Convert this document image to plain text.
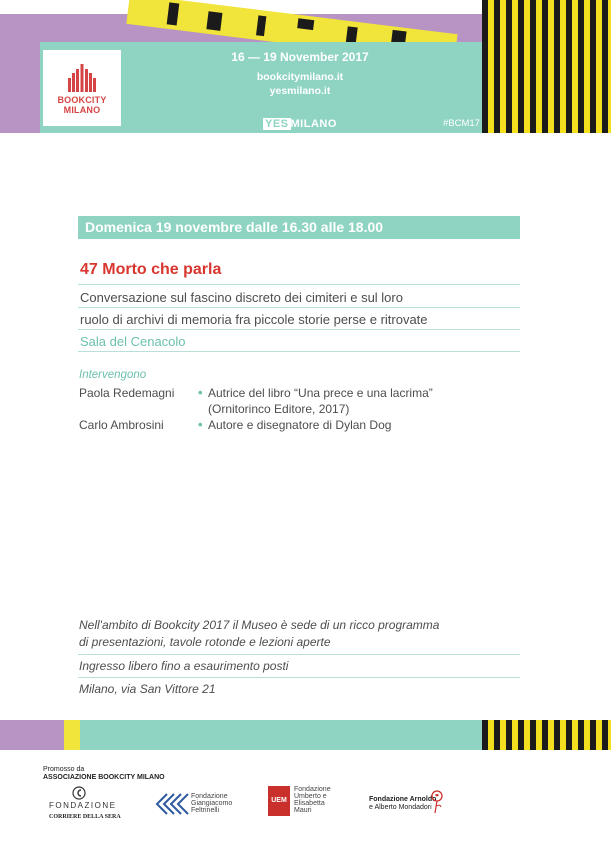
BOOKCITY
MILANO
16 — 19 November 2017
bookcitymilano.it
yesmilano.it
YES MILANO	#BCM17
Domenica 19 novembre dalle 16.30 alle 18.00
47 Morto che parla
Conversazione sul fascino discreto dei cimiteri e sul loro
ruolo di archivi di memoria fra piccole storie perse e ritrovate
Sala del Cenacolo
Intervengono
Paola Redemagni • Autrice del libro “Una prece e una lacrima”
(Ornitorinco Editore, 2017)
Carlo Ambrosini	• Autore e disegnatore di Dylan Dog
Nell'ambito di Bookcity 2017 il Museo è sede di un ricco programma
di presentazioni, tavole rotonde e lezioni aperte
Ingresso libero fino a esaurimento posti
Milano, via San Vittore 21
Promosso da
ASSOCIAZIONE BOOKCITY MILANO
FONDAZIONE
CORRIERE DELLA SERA
Fondazione
Giangiacomo
Feltrinelli
UEM
Fondazione
Umberto e
Elisabetta
Mauri
Fondazione Arnoldo
e Alberto Mondadori
